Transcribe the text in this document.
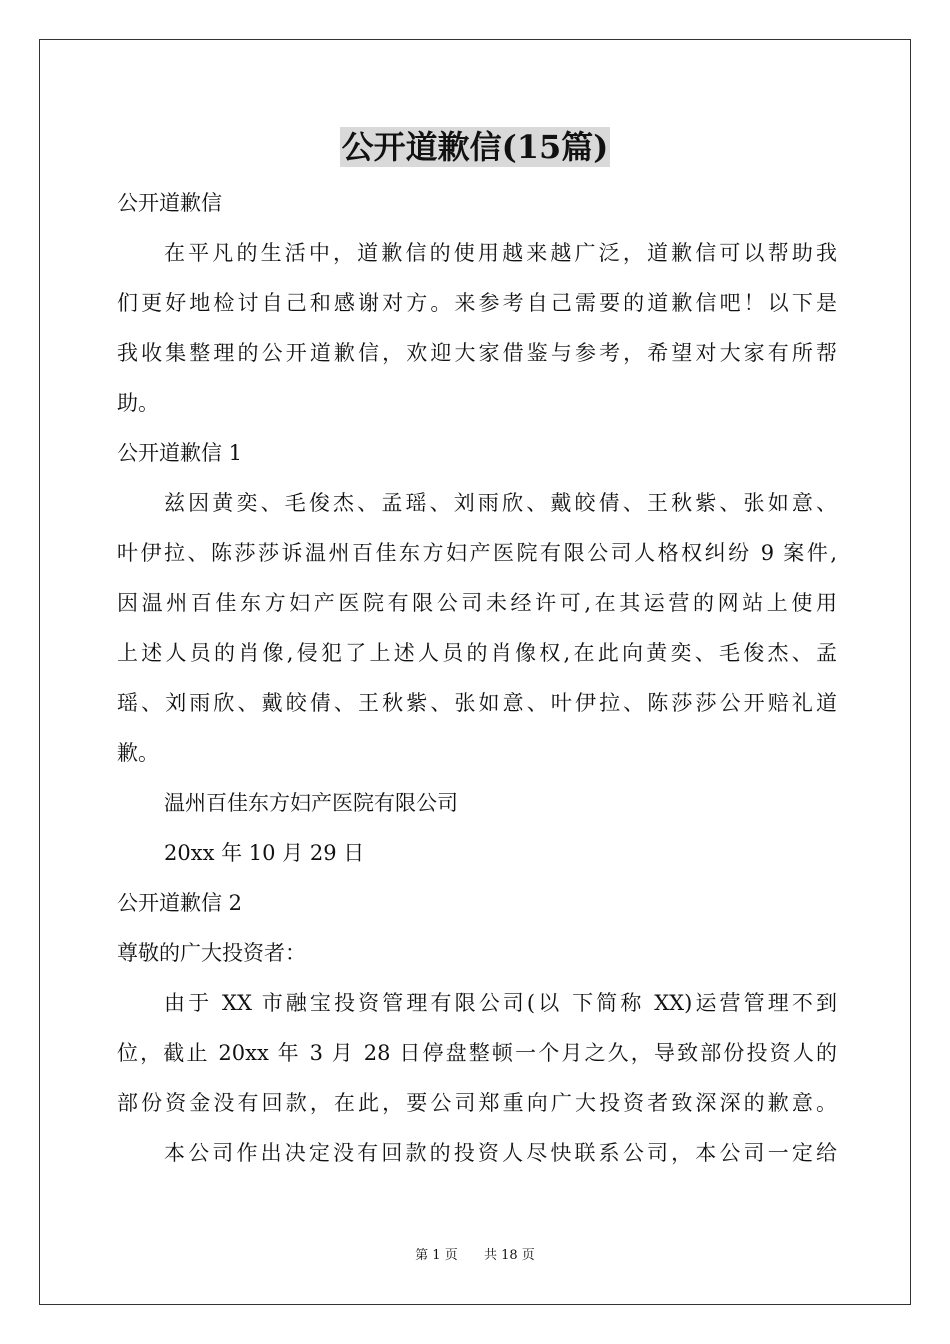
公开道歉信(15篇)
公开道歉信
在平凡的生活中，道歉信的使用越来越广泛，道歉信可以帮助我
们更好地检讨自己和感谢对方。来参考自己需要的道歉信吧！以下是
我收集整理的公开道歉信，欢迎大家借鉴与参考，希望对大家有所帮
助。
公开道歉信 1
兹因黄奕、毛俊杰、孟瑶、刘雨欣、戴皎倩、王秋紫、张如意、
叶伊拉、陈莎莎诉温州百佳东方妇产医院有限公司人格权纠纷 9 案件,
因温州百佳东方妇产医院有限公司未经许可,在其运营的网站上使用
上述人员的肖像,侵犯了上述人员的肖像权,在此向黄奕、毛俊杰、孟
瑶、刘雨欣、戴皎倩、王秋紫、张如意、叶伊拉、陈莎莎公开赔礼道
歉。
温州百佳东方妇产医院有限公司
20xx 年 10 月 29 日
公开道歉信 2
尊敬的广大投资者：
由于 XX 市融宝投资管理有限公司(以 下简称 XX)运营管理不到
位，截止 20xx 年 3 月 28 日停盘整顿一个月之久，导致部份投资人的
部份资金没有回款，在此，要公司郑重向广大投资者致深深的歉意。
本公司作出决定没有回款的投资人尽快联系公司，本公司一定给
第 1 页 共 18 页
